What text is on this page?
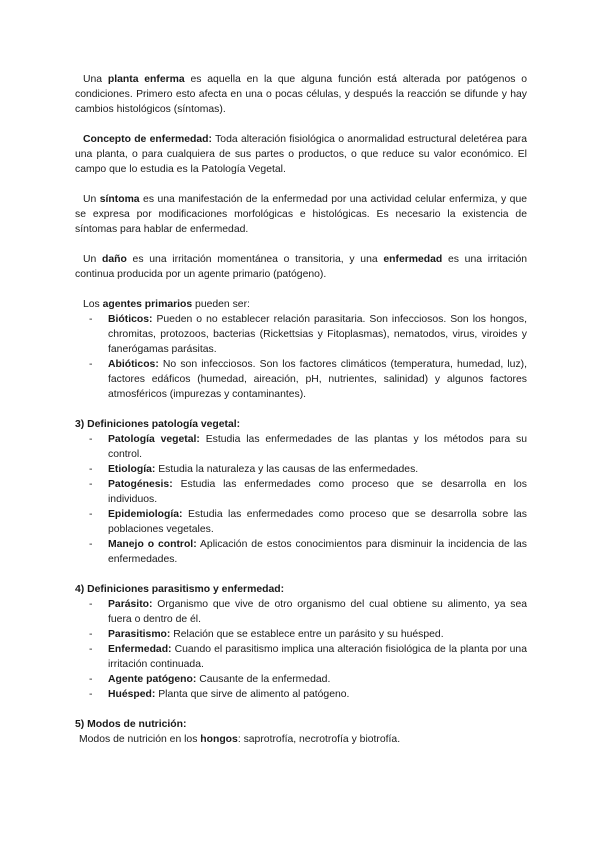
Una planta enferma es aquella en la que alguna función está alterada por patógenos o condiciones. Primero esto afecta en una o pocas células, y después la reacción se difunde y hay cambios histológicos (síntomas).

Concepto de enfermedad: Toda alteración fisiológica o anormalidad estructural deletérea para una planta, o para cualquiera de sus partes o productos, o que reduce su valor económico. El campo que lo estudia es la Patología Vegetal.

Un síntoma es una manifestación de la enfermedad por una actividad celular enfermiza, y que se expresa por modificaciones morfológicas e histológicas. Es necesario la existencia de síntomas para hablar de enfermedad.

Un daño es una irritación momentánea o transitoria, y una enfermedad es una irritación continua producida por un agente primario (patógeno).

Los agentes primarios pueden ser:

- Bióticos: Pueden o no establecer relación parasitaria. Son infecciosos. Son los hongos, chromitas, protozoos, bacterias (Rickettsias y Fitoplasmas), nematodos, virus, viroides y fanerógamas parásitas.
- Abióticos: No son infecciosos. Son los factores climáticos (temperatura, humedad, luz), factores edáficos (humedad, aireación, pH, nutrientes, salinidad) y algunos factores atmosféricos (impurezas y contaminantes).
3) Definiciones patología vegetal:
- Patología vegetal: Estudia las enfermedades de las plantas y los métodos para su control.
- Etiología: Estudia la naturaleza y las causas de las enfermedades.
- Patogénesis: Estudia las enfermedades como proceso que se desarrolla en los individuos.
- Epidemiología: Estudia las enfermedades como proceso que se desarrolla sobre las poblaciones vegetales.
- Manejo o control: Aplicación de estos conocimientos para disminuir la incidencia de las enfermedades.
4) Definiciones parasitismo y enfermedad:
- Parásito: Organismo que vive de otro organismo del cual obtiene su alimento, ya sea fuera o dentro de él.
- Parasitismo: Relación que se establece entre un parásito y su huésped.
- Enfermedad: Cuando el parasitismo implica una alteración fisiológica de la planta por una irritación continuada.
- Agente patógeno: Causante de la enfermedad.
- Huésped: Planta que sirve de alimento al patógeno.
5) Modos de nutrición:

Modos de nutrición en los hongos: saprotrofía, necrotrofía y biotrofía.
